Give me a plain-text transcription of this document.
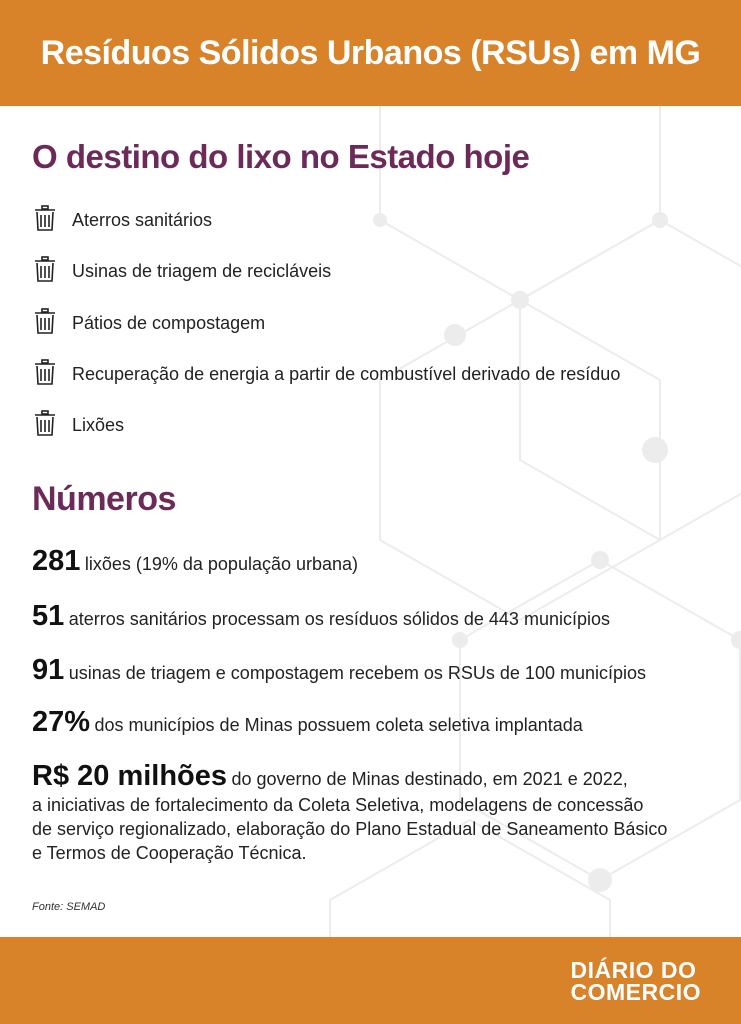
Resíduos Sólidos Urbanos (RSUs) em MG
O destino do lixo no Estado hoje
Aterros sanitários
Usinas de triagem de recicláveis
Pátios de compostagem
Recuperação de energia a partir de combustível derivado de resíduo
Lixões
Números
281 lixões (19% da população urbana)
51 aterros sanitários processam os resíduos sólidos de 443 municípios
91 usinas de triagem e compostagem recebem os RSUs de 100 municípios
27% dos municípios de Minas possuem coleta seletiva implantada
R$ 20 milhões do governo de Minas destinado, em 2021 e 2022,
a iniciativas de fortalecimento da Coleta Seletiva, modelagens de concessão
de serviço regionalizado, elaboração do Plano Estadual de Saneamento Básico
e Termos de Cooperação Técnica.
Fonte: SEMAD
DIÁRIO DO
COMERCIO
